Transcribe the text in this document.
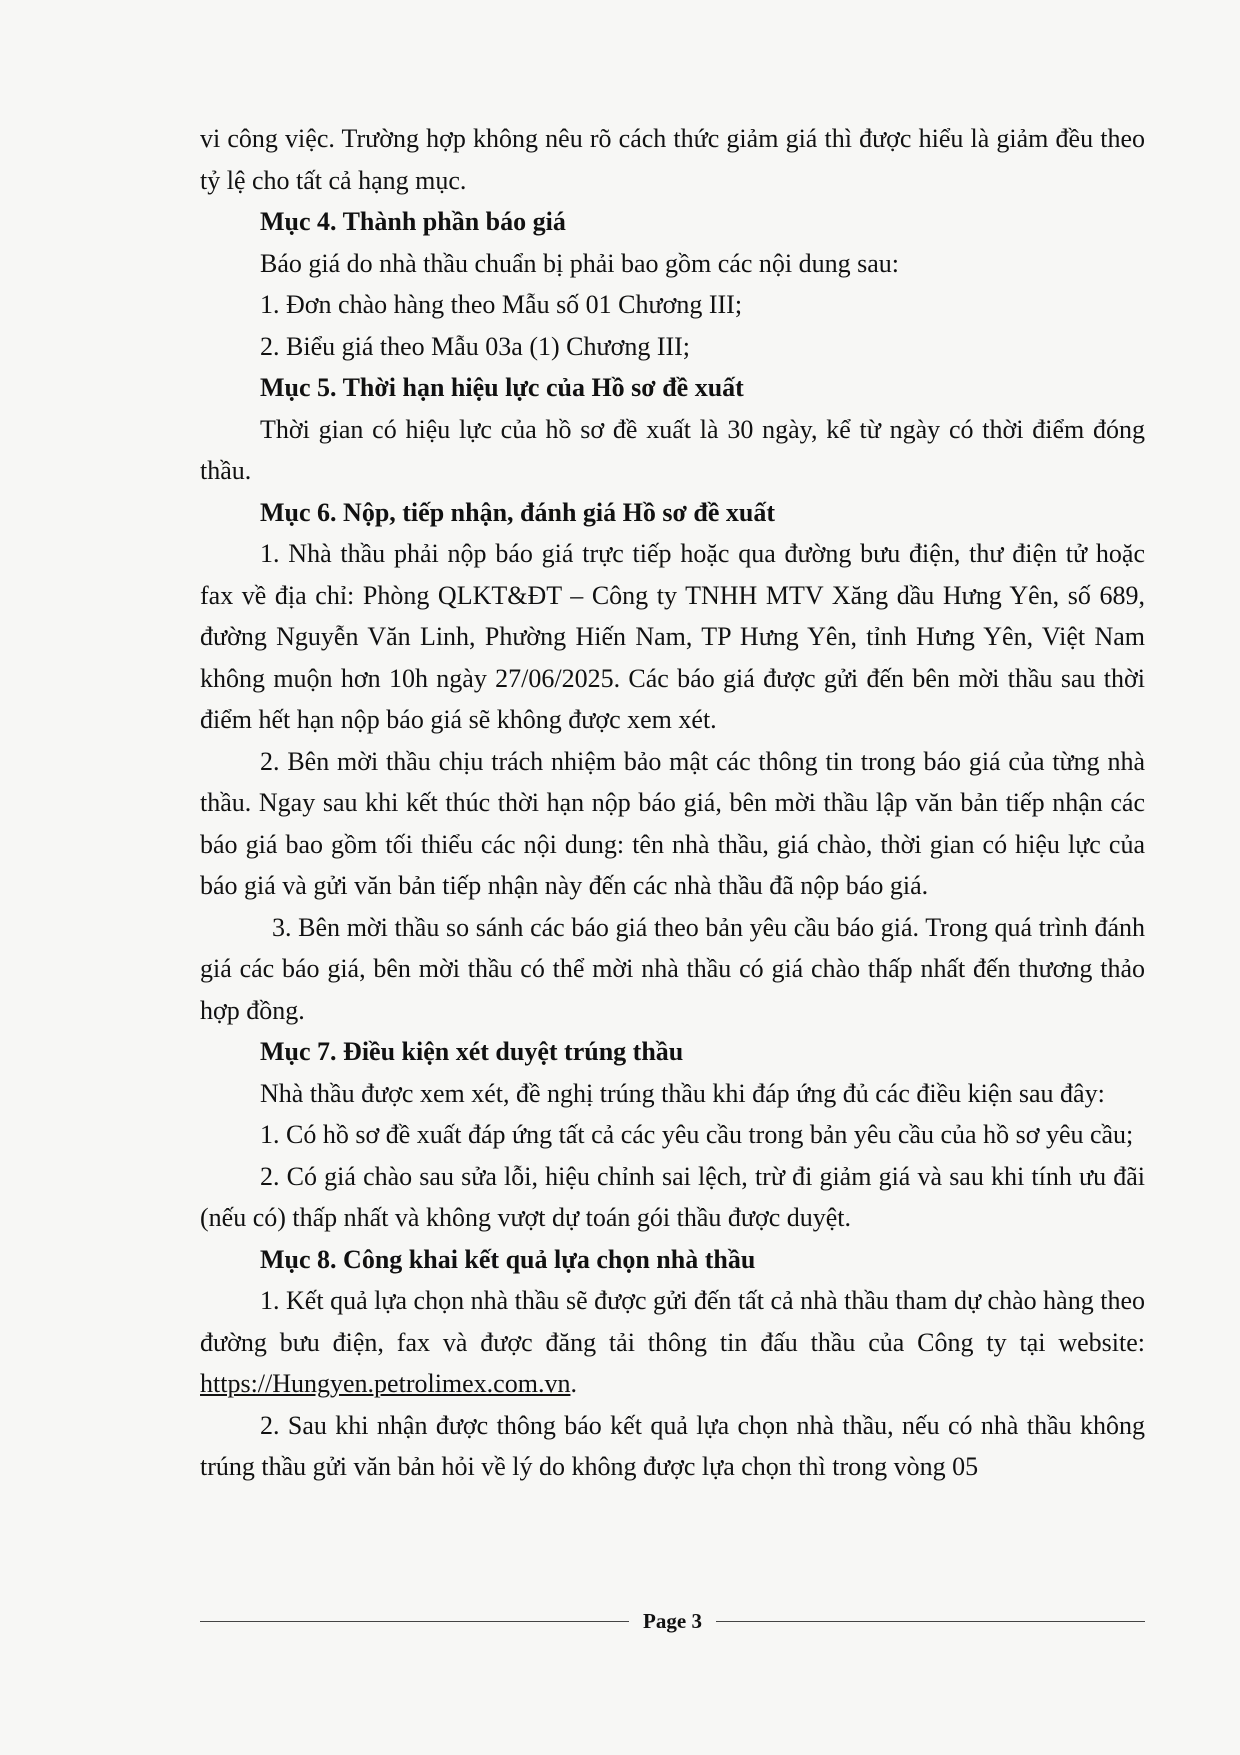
vi công việc. Trường hợp không nêu rõ cách thức giảm giá thì được hiểu là giảm đều theo tỷ lệ cho tất cả hạng mục.

Mục 4. Thành phần báo giá

Báo giá do nhà thầu chuẩn bị phải bao gồm các nội dung sau:

1. Đơn chào hàng theo Mẫu số 01 Chương III;

2. Biểu giá theo Mẫu 03a (1) Chương III;

Mục 5. Thời hạn hiệu lực của Hồ sơ đề xuất

Thời gian có hiệu lực của hồ sơ đề xuất là 30 ngày, kể từ ngày có thời điểm đóng thầu.

Mục 6. Nộp, tiếp nhận, đánh giá Hồ sơ đề xuất

1. Nhà thầu phải nộp báo giá trực tiếp hoặc qua đường bưu điện, thư điện tử hoặc fax về địa chỉ: Phòng QLKT&ĐT – Công ty TNHH MTV Xăng dầu Hưng Yên, số 689, đường Nguyễn Văn Linh, Phường Hiến Nam, TP Hưng Yên, tỉnh Hưng Yên, Việt Nam không muộn hơn 10h ngày 27/06/2025. Các báo giá được gửi đến bên mời thầu sau thời điểm hết hạn nộp báo giá sẽ không được xem xét.

2. Bên mời thầu chịu trách nhiệm bảo mật các thông tin trong báo giá của từng nhà thầu. Ngay sau khi kết thúc thời hạn nộp báo giá, bên mời thầu lập văn bản tiếp nhận các báo giá bao gồm tối thiểu các nội dung: tên nhà thầu, giá chào, thời gian có hiệu lực của báo giá và gửi văn bản tiếp nhận này đến các nhà thầu đã nộp báo giá.

3. Bên mời thầu so sánh các báo giá theo bản yêu cầu báo giá. Trong quá trình đánh giá các báo giá, bên mời thầu có thể mời nhà thầu có giá chào thấp nhất đến thương thảo hợp đồng.

Mục 7. Điều kiện xét duyệt trúng thầu

Nhà thầu được xem xét, đề nghị trúng thầu khi đáp ứng đủ các điều kiện sau đây:

1. Có hồ sơ đề xuất đáp ứng tất cả các yêu cầu trong bản yêu cầu của hồ sơ yêu cầu;

2. Có giá chào sau sửa lỗi, hiệu chỉnh sai lệch, trừ đi giảm giá và sau khi tính ưu đãi (nếu có) thấp nhất và không vượt dự toán gói thầu được duyệt.

Mục 8. Công khai kết quả lựa chọn nhà thầu

1. Kết quả lựa chọn nhà thầu sẽ được gửi đến tất cả nhà thầu tham dự chào hàng theo đường bưu điện, fax và được đăng tải thông tin đấu thầu của Công ty tại website: https://Hungyen.petrolimex.com.vn.

2. Sau khi nhận được thông báo kết quả lựa chọn nhà thầu, nếu có nhà thầu không trúng thầu gửi văn bản hỏi về lý do không được lựa chọn thì trong vòng 05

Page 3
